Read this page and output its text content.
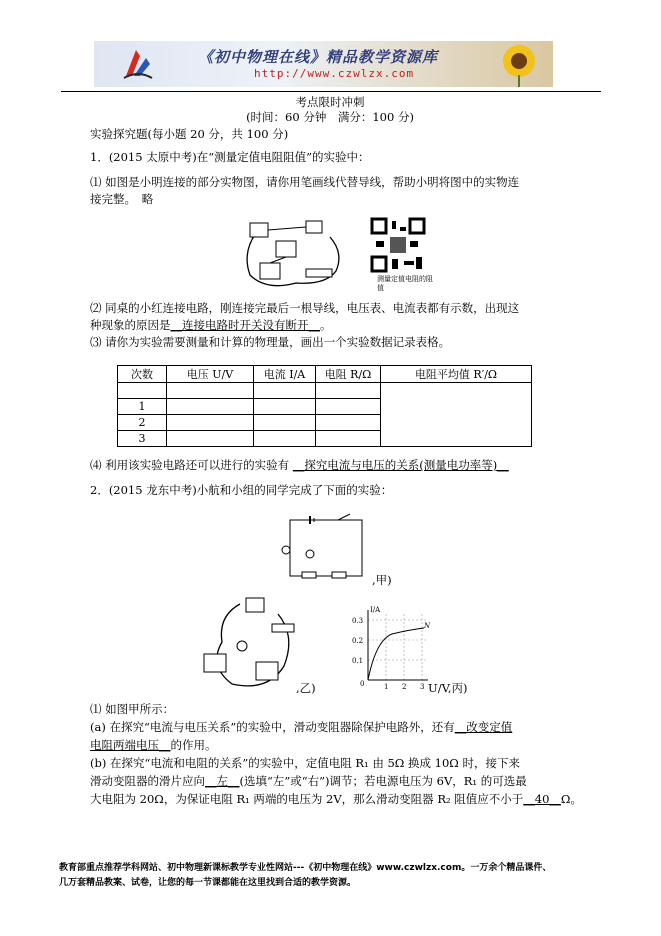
《初中物理在线》精品教学资源库
http://www.czwlzx.com
考点限时冲刺
(时间：60 分钟　满分：100 分)
实验探究题(每小题 20 分，共 100 分)
1．(2015 太原中考)在“测量定值电阻阻值”的实验中：
⑴ 如图是小明连接的部分实物图，请你用笔画线代替导线，帮助小明将图中的实物连
接完整。　略
测量定值电阻的阻值
⑵ 同桌的小红连接电路，刚连接完最后一根导线，电压表、电流表都有示数，出现这
种现象的原因是__连接电路时开关没有断开__。
⑶ 请你为实验需要测量和计算的物理量，画出一个实验数据记录表格。
次数	电压 U/V	电流 I/A	电阻 R/Ω	电阻平均值 R′/Ω

1				
2				
3				
⑷ 利用该实验电路还可以进行的实验有 __探究电流与电压的关系(测量电功率等)__
2．(2015 龙东中考)小航和小组的同学完成了下面的实验：
,甲)
,乙)
I/A
0.3
0.2
0.1
0	1 2 3
N
U/V,丙)
⑴ 如图甲所示：
(a) 在探究“电流与电压关系”的实验中，滑动变阻器除保护电路外，还有__改变定值
电阻两端电压__的作用。
(b) 在探究“电流和电阻的关系”的实验中，定值电阻 R₁ 由 5Ω 换成 10Ω 时，接下来
滑动变阻器的滑片应向__左__(选填“左”或“右”)调节；若电源电压为 6V，R₁ 的可选最
大电阻为 20Ω，为保证电阻 R₁ 两端的电压为 2V，那么滑动变阻器 R₂ 阻值应不小于__40__Ω。
教育部重点推荐学科网站、初中物理新课标教学专业性网站---《初中物理在线》www.czwlzx.com。一万余个精品课件、
几万套精品教案、试卷，让您的每一节课都能在这里找到合适的教学资源。
